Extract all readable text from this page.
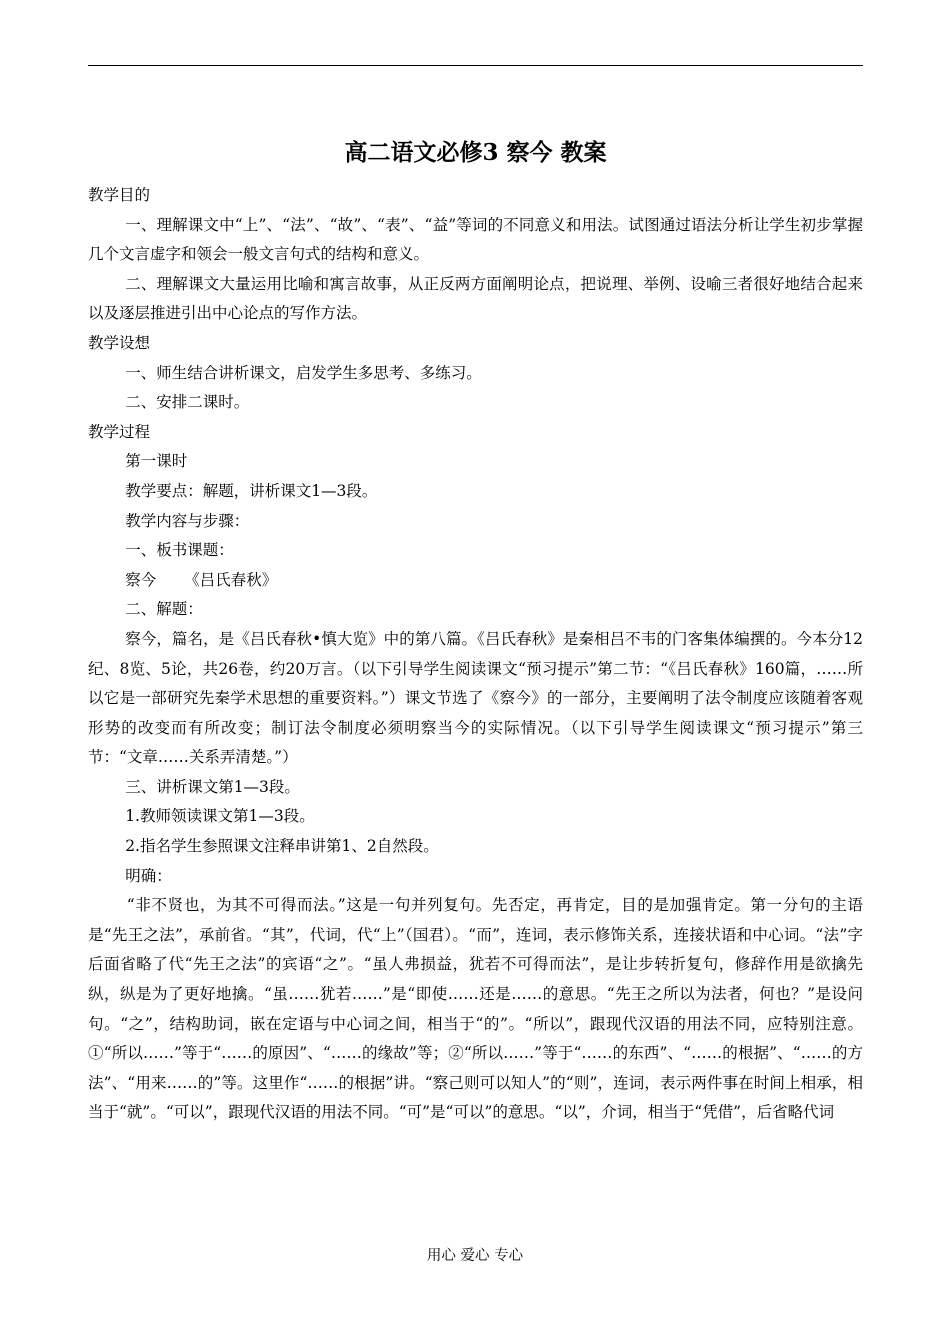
高二语文必修3 察今 教案

教学目的

一、理解课文中“上”、“法”、“故”、“表”、“益”等词的不同意义和用法。试图通过语法分析让学生初步掌握几个文言虚字和领会一般文言句式的结构和意义。

二、理解课文大量运用比喻和寓言故事，从正反两方面阐明论点，把说理、举例、设喻三者很好地结合起来以及逐层推进引出中心论点的写作方法。

教学设想

一、师生结合讲析课文，启发学生多思考、多练习。

二、安排二课时。

教学过程

第一课时

教学要点：解题，讲析课文1—3段。

教学内容与步骤：

一、板书课题：

察今 《吕氏春秋》

二、解题：

察今，篇名，是《吕氏春秋•慎大览》中的第八篇。《吕氏春秋》是秦相吕不韦的门客集体编撰的。今本分12纪、8览、5论，共26卷，约20万言。（以下引导学生阅读课文“预习提示”第二节：“《吕氏春秋》160篇，……所以它是一部研究先秦学术思想的重要资料。”）课文节选了《察今》的一部分，主要阐明了法令制度应该随着客观形势的改变而有所改变；制订法令制度必须明察当今的实际情况。（以下引导学生阅读课文“预习提示”第三节：“文章……关系弄清楚。”）

三、讲析课文第1—3段。

1.教师领读课文第1—3段。

2.指名学生参照课文注释串讲第1、2自然段。

明确：

“非不贤也，为其不可得而法。”这是一句并列复句。先否定，再肯定，目的是加强肯定。第一分句的主语是“先王之法”，承前省。“其”，代词，代“上”（国君）。“而”，连词，表示修饰关系，连接状语和中心词。“法”字后面省略了代“先王之法”的宾语“之”。“虽人弗损益，犹若不可得而法”，是让步转折复句，修辞作用是欲擒先纵，纵是为了更好地擒。“虽……犹若……”是“即使……还是……的意思。“先王之所以为法者，何也？”是设问句。“之”，结构助词，嵌在定语与中心词之间，相当于“的”。“所以”，跟现代汉语的用法不同，应特别注意。①“所以……”等于“……的原因”、“……的缘故”等；②“所以……”等于“……的东西”、“……的根据”、“……的方法”、“用来……的”等。这里作“……的根据”讲。“察己则可以知人”的“则”，连词，表示两件事在时间上相承，相当于“就”。“可以”，跟现代汉语的用法不同。“可”是“可以”的意思。“以”，介词，相当于“凭借”，后省略代词

用心 爱心 专心
